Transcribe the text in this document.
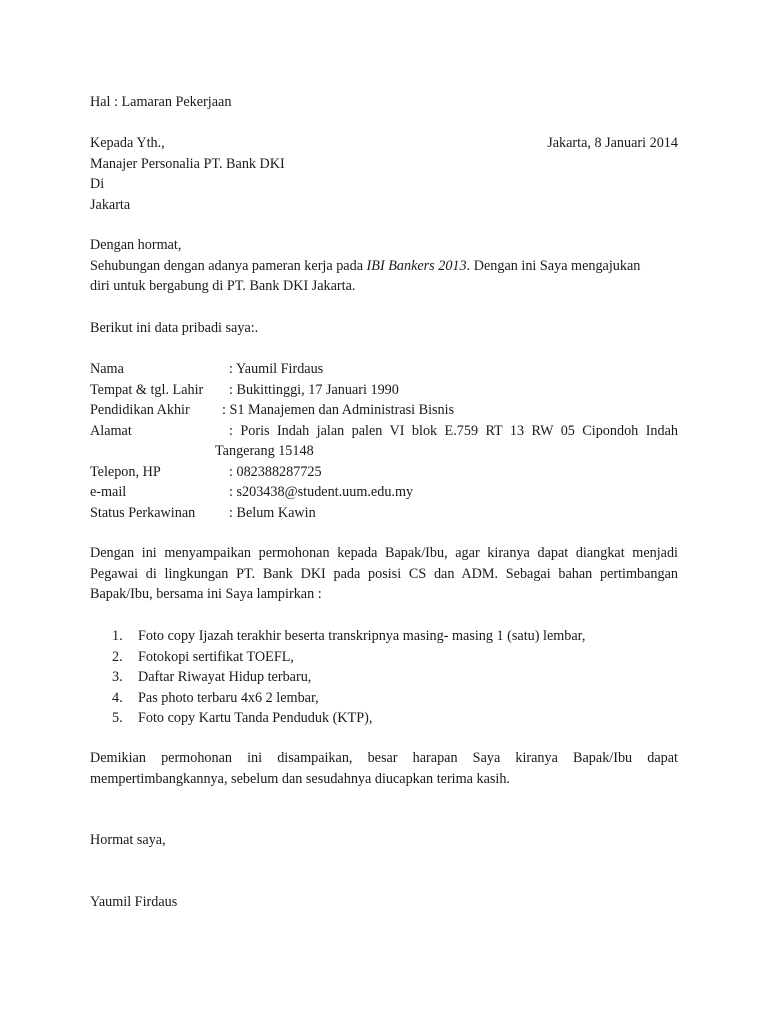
Hal : Lamaran Pekerjaan
Kepada Yth.,
Manajer Personalia PT. Bank DKI
Di
Jakarta
Jakarta, 8 Januari 2014
Dengan hormat,
Sehubungan dengan adanya pameran kerja pada IBI Bankers 2013. Dengan ini Saya mengajukan
diri untuk bergabung di PT. Bank DKI Jakarta.
Berikut ini data pribadi saya:.
Nama	: Yaumil Firdaus
Tempat & tgl. Lahir : Bukittinggi, 17 Januari 1990
Pendidikan Akhir : S1 Manajemen dan Administrasi Bisnis
Alamat	: Poris Indah jalan palen VI blok E.759 RT 13 RW 05 Cipondoh Indah
Tangerang 15148
Telepon, HP	: 082388287725
e-mail	: s203438@student.uum.edu.my
Status Perkawinan : Belum Kawin
Dengan ini menyampaikan permohonan kepada Bapak/Ibu, agar kiranya dapat diangkat menjadi
Pegawai di lingkungan PT. Bank DKI pada posisi CS dan ADM. Sebagai bahan pertimbangan
Bapak/Ibu, bersama ini Saya lampirkan :
1. Foto copy Ijazah terakhir beserta transkripnya masing- masing 1 (satu) lembar,
2. Fotokopi sertifikat TOEFL,
3. Daftar Riwayat Hidup terbaru,
4. Pas photo terbaru 4x6 2 lembar,
5. Foto copy Kartu Tanda Penduduk (KTP),
Demikian permohonan ini disampaikan, besar harapan Saya kiranya Bapak/Ibu dapat
mempertimbangkannya, sebelum dan sesudahnya diucapkan terima kasih.
Hormat saya,
Yaumil Firdaus
